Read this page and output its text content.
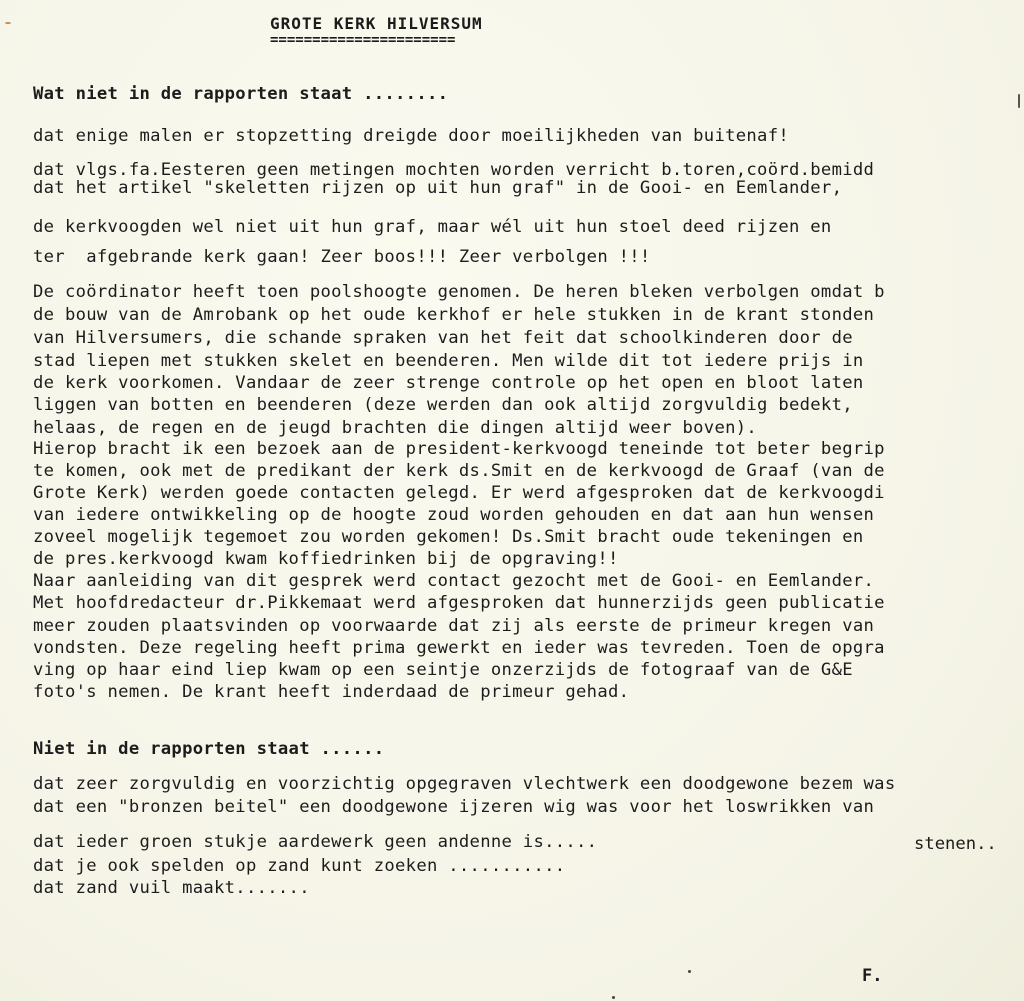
GROTE KERK HILVERSUM
======================
Wat niet in de rapporten staat ........
dat enige malen er stopzetting dreigde door moeilijkheden van buitenaf!
dat vlgs.fa.Eesteren geen metingen mochten worden verricht b.toren,coörd.bemidd
dat het artikel "skeletten rijzen op uit hun graf" in de Gooi- en Eemlander,
de kerkvoogden wel niet uit hun graf, maar wél uit hun stoel deed rijzen en
ter  afgebrande kerk gaan! Zeer boos!!! Zeer verbolgen !!!
De coördinator heeft toen poolshoogte genomen. De heren bleken verbolgen omdat b
de bouw van de Amrobank op het oude kerkhof er hele stukken in de krant stonden
van Hilversumers, die schande spraken van het feit dat schoolkinderen door de
stad liepen met stukken skelet en beenderen. Men wilde dit tot iedere prijs in
de kerk voorkomen. Vandaar de zeer strenge controle op het open en bloot laten
liggen van botten en beenderen (deze werden dan ook altijd zorgvuldig bedekt,
helaas, de regen en de jeugd brachten die dingen altijd weer boven).
Hierop bracht ik een bezoek aan de president-kerkvoogd teneinde tot beter begrip
te komen, ook met de predikant der kerk ds.Smit en de kerkvoogd de Graaf (van de
Grote Kerk) werden goede contacten gelegd. Er werd afgesproken dat de kerkvoogdi
van iedere ontwikkeling op de hoogte zoud worden gehouden en dat aan hun wensen
zoveel mogelijk tegemoet zou worden gekomen! Ds.Smit bracht oude tekeningen en
de pres.kerkvoogd kwam koffiedrinken bij de opgraving!!
Naar aanleiding van dit gesprek werd contact gezocht met de Gooi- en Eemlander.
Met hoofdredacteur dr.Pikkemaat werd afgesproken dat hunnerzijds geen publicatie
meer zouden plaatsvinden op voorwaarde dat zij als eerste de primeur kregen van
vondsten. Deze regeling heeft prima gewerkt en ieder was tevreden. Toen de opgra
ving op haar eind liep kwam op een seintje onzerzijds de fotograaf van de G&E
foto's nemen. De krant heeft inderdaad de primeur gehad.
Niet in de rapporten staat ......
dat zeer zorgvuldig en voorzichtig opgegraven vlechtwerk een doodgewone bezem was
dat een "bronzen beitel" een doodgewone ijzeren wig was voor het loswrikken van
dat ieder groen stukje aardewerk geen andenne is.....	stenen..
dat je ook spelden op zand kunt zoeken ...........
dat zand vuil maakt.......
F.
